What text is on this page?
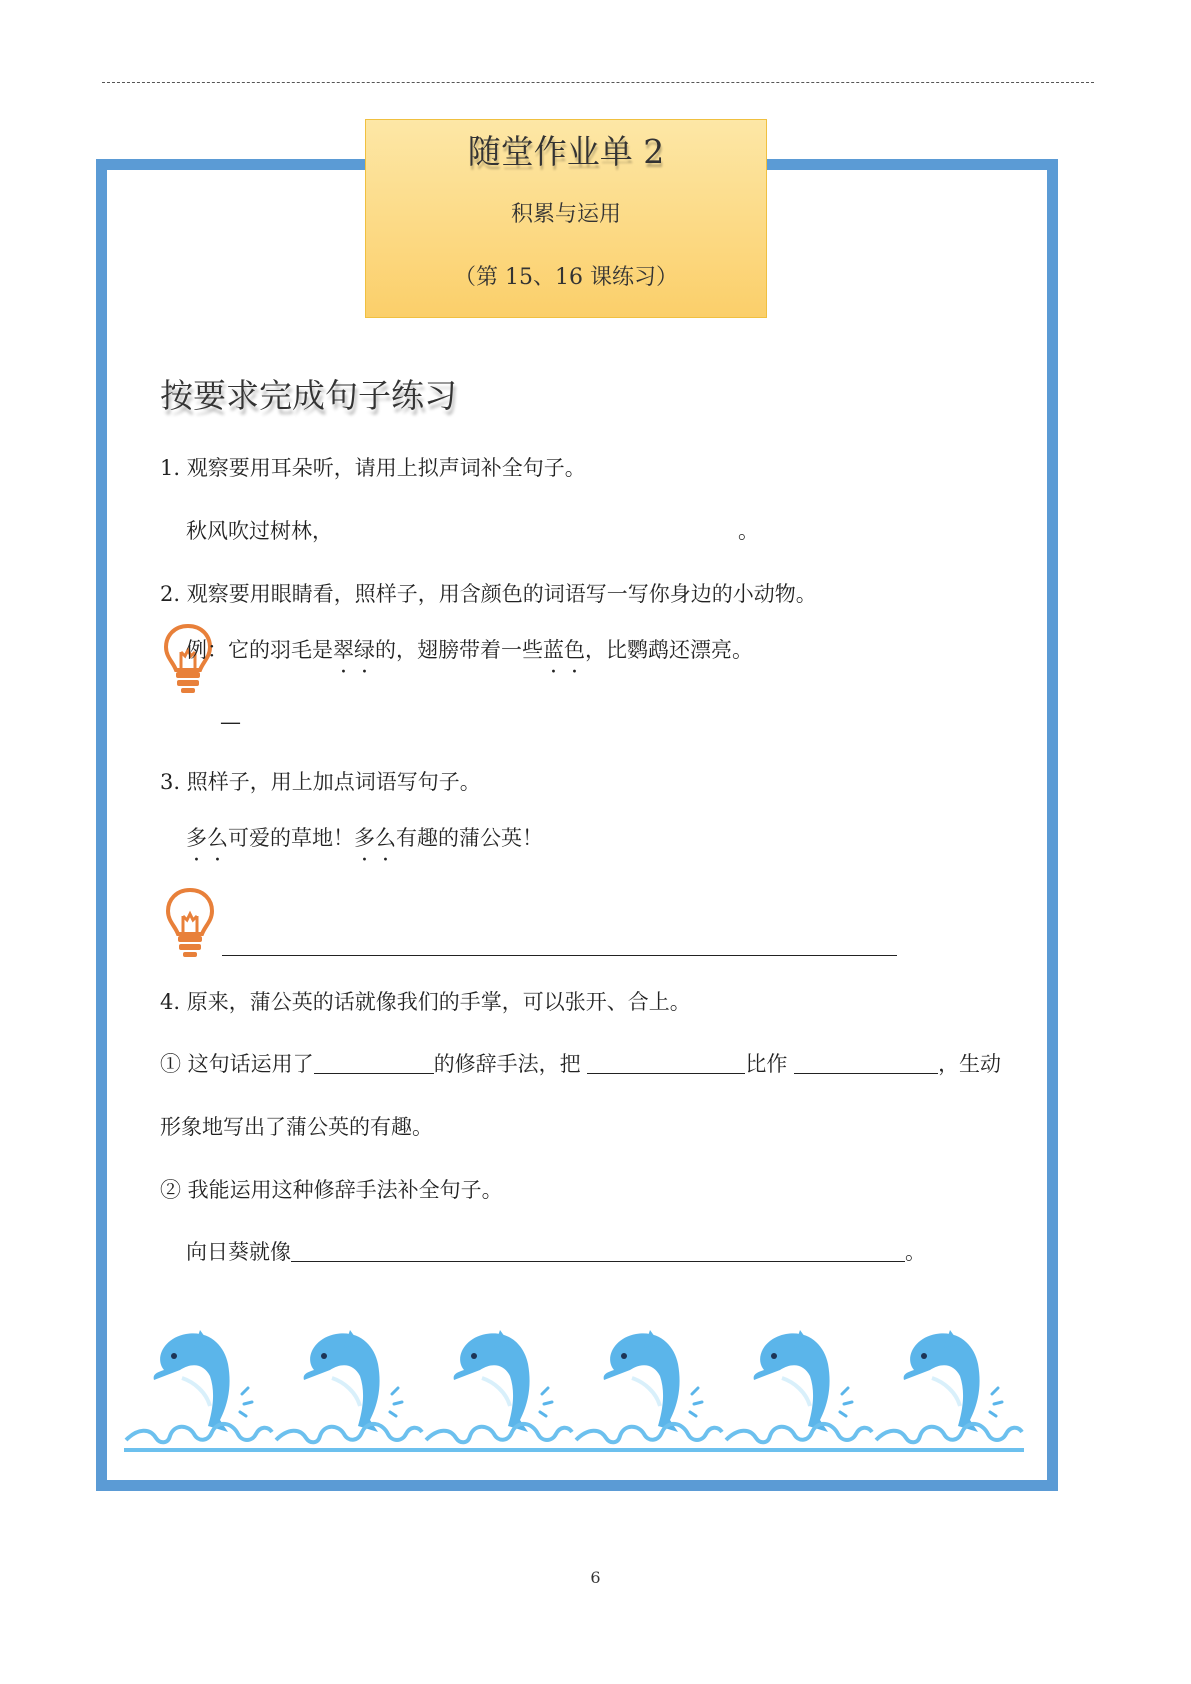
随堂作业单 2
积累与运用
（第 15、16 课练习）
按要求完成句子练习
1. 观察要用耳朵听，请用上拟声词补全句子。
秋风吹过树林，	。
2. 观察要用眼睛看，照样子，用含颜色的词语写一写你身边的小动物。
例：它的羽毛是翠绿的，翅膀带着一些蓝色，比鹦鹉还漂亮。
—
3. 照样子，用上加点词语写句子。
多么可爱的草地！多么有趣的蒲公英！
4. 原来，蒲公英的话就像我们的手掌，可以张开、合上。
① 这句话运用了	的修辞手法，把	比作	，生动
形象地写出了蒲公英的有趣。
② 我能运用这种修辞手法补全句子。
向日葵就像	。
6
